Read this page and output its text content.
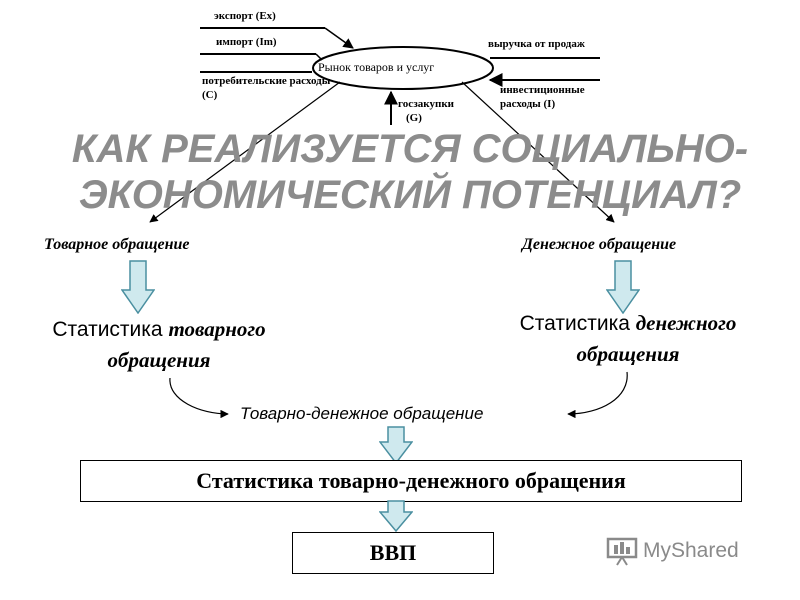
экспорт (Ex)
импорт (Im)
потребительские расходы
(С)
Рынок товаров и услуг
выручка от продаж
инвестиционные
расходы (I)
госзакупки
(G)
КАК РЕАЛИЗУЕТСЯ СОЦИАЛЬНО-
ЭКОНОМИЧЕСКИЙ ПОТЕНЦИАЛ?
Товарное обращение	Денежное обращение
Статистика товарного
обращения
Статистика денежного
обращения
Товарно-денежное обращение
Статистика товарно-денежного обращения
ВВП	MyShared
